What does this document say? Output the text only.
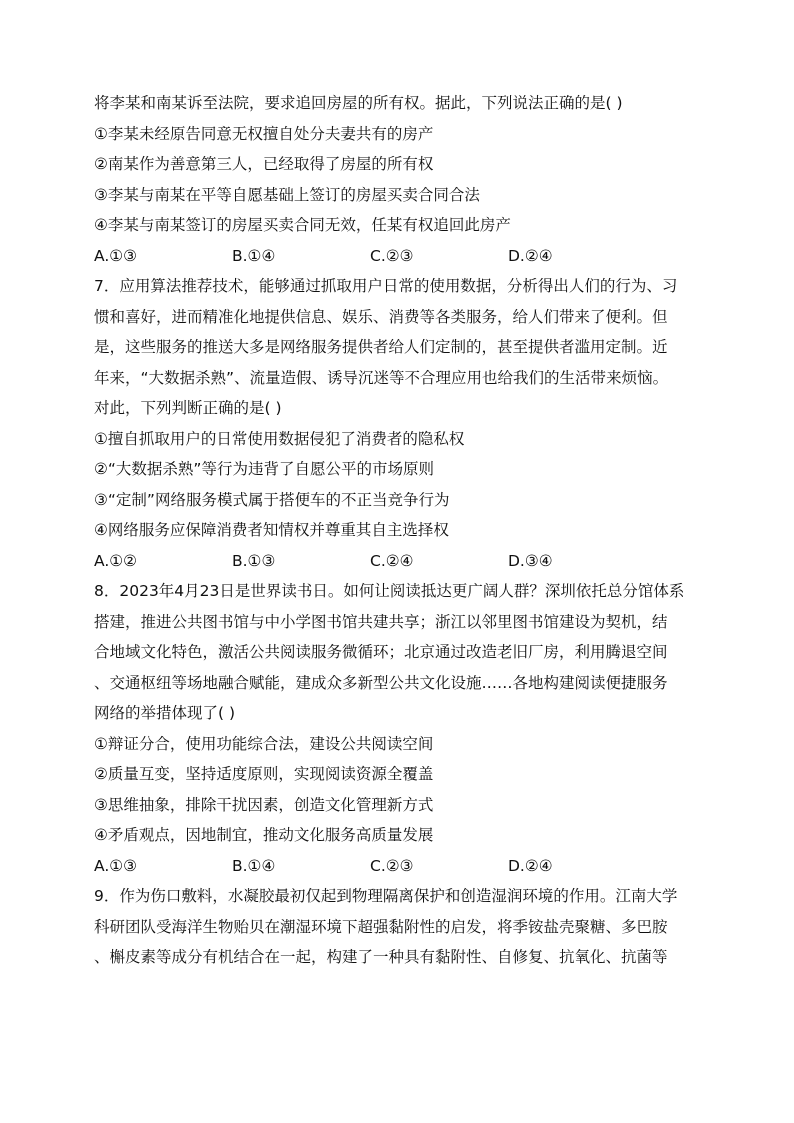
将李某和南某诉至法院，要求追回房屋的所有权。据此，下列说法正确的是( )
①李某未经原告同意无权擅自处分夫妻共有的房产
②南某作为善意第三人，已经取得了房屋的所有权
③李某与南某在平等自愿基础上签订的房屋买卖合同合法
④李某与南某签订的房屋买卖合同无效，任某有权追回此房产
A.①③	B.①④	C.②③	D.②④
7．应用算法推荐技术，能够通过抓取用户日常的使用数据，分析得出人们的行为、习
惯和喜好，进而精准化地提供信息、娱乐、消费等各类服务，给人们带来了便利。但
是，这些服务的推送大多是网络服务提供者给人们定制的，甚至提供者滥用定制。近
年来，“大数据杀熟”、流量造假、诱导沉迷等不合理应用也给我们的生活带来烦恼。
对此，下列判断正确的是( )
①擅自抓取用户的日常使用数据侵犯了消费者的隐私权
②“大数据杀熟”等行为违背了自愿公平的市场原则
③“定制”网络服务模式属于搭便车的不正当竞争行为
④网络服务应保障消费者知情权并尊重其自主选择权
A.①②	B.①③	C.②④	D.③④
8．2023年4月23日是世界读书日。如何让阅读抵达更广阔人群？深圳依托总分馆体系
搭建，推进公共图书馆与中小学图书馆共建共享；浙江以邻里图书馆建设为契机，结
合地域文化特色，激活公共阅读服务微循环；北京通过改造老旧厂房，利用腾退空间
、交通枢纽等场地融合赋能，建成众多新型公共文化设施……各地构建阅读便捷服务
网络的举措体现了( )
①辩证分合，使用功能综合法，建设公共阅读空间
②质量互变，坚持适度原则，实现阅读资源全覆盖
③思维抽象，排除干扰因素，创造文化管理新方式
④矛盾观点，因地制宜，推动文化服务高质量发展
A.①③	B.①④	C.②③	D.②④
9．作为伤口敷料，水凝胶最初仅起到物理隔离保护和创造湿润环境的作用。江南大学
科研团队受海洋生物贻贝在潮湿环境下超强黏附性的启发，将季铵盐壳聚糖、多巴胺
、槲皮素等成分有机结合在一起，构建了一种具有黏附性、自修复、抗氧化、抗菌等
